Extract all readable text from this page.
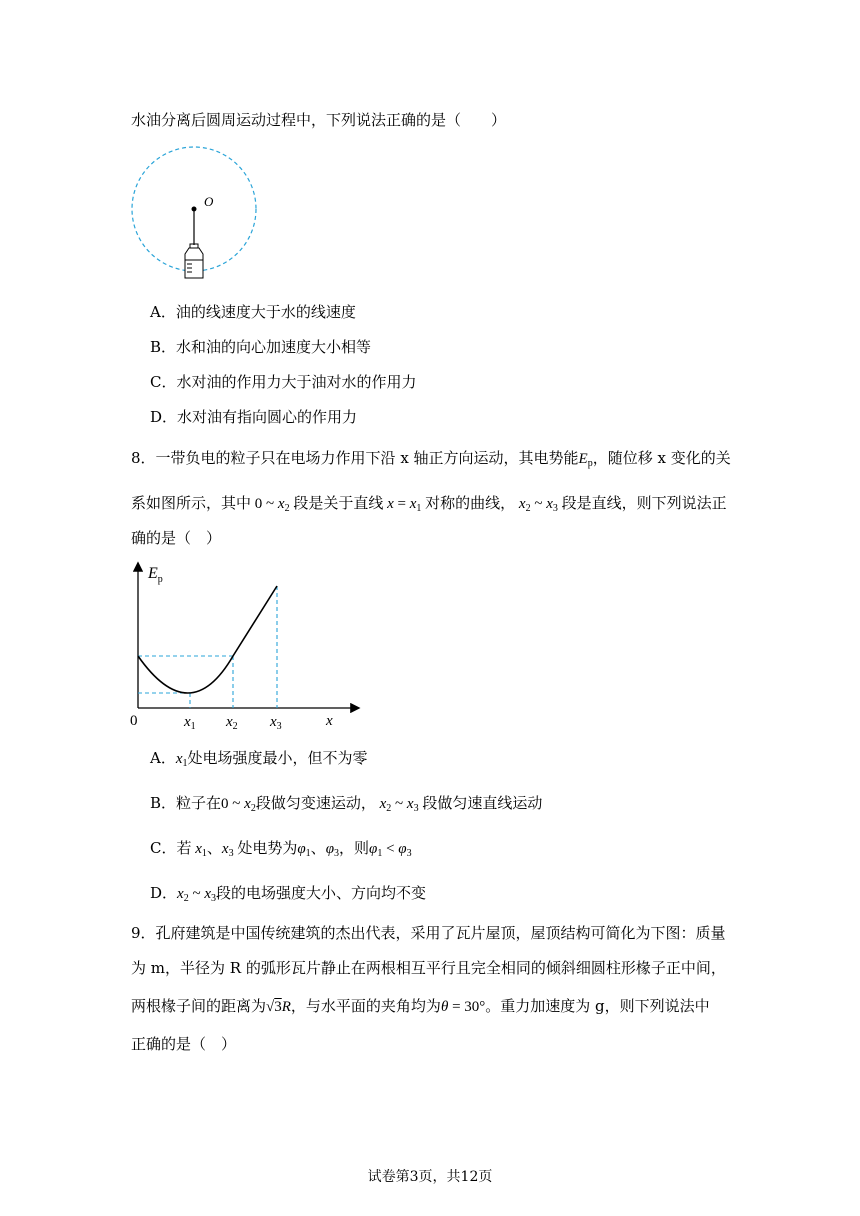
水油分离后圆周运动过程中，下列说法正确的是（　　）
O
A．油的线速度大于水的线速度
B．水和油的向心加速度大小相等
C．水对油的作用力大于油对水的作用力
D．水对油有指向圆心的作用力
8．一带负电的粒子只在电场力作用下沿 x 轴正方向运动，其电势能$E_p$，随位移 x 变化的关
系如图所示，其中 0 ~ $x_2$ 段是关于直线 $x = x_1$ 对称的曲线， $x_2$ ~ $x_3$ 段是直线，则下列说法正
确的是（　）
$E_p$
0	$x_1$ $x_2$ $x_3$	x
A．$x_1$处电场强度最小，但不为零
B．粒子在0 ~ $x_2$段做匀变速运动， $x_2$ ~ $x_3$ 段做匀速直线运动
C．若 $x_1$、$x_3$ 处电势为$\varphi_1$、$\varphi_3$，则$\varphi_1 < \varphi_3$
D．$x_2$ ~ $x_3$段的电场强度大小、方向均不变
9．孔府建筑是中国传统建筑的杰出代表，采用了瓦片屋顶，屋顶结构可简化为下图：质量
为 m，半径为 R 的弧形瓦片静止在两根相互平行且完全相同的倾斜细圆柱形椽子正中间，
两根椽子间的距离为√3R，与水平面的夹角均为θ = 30°。重力加速度为 g，则下列说法中
正确的是（　）
试卷第3页，共12页
